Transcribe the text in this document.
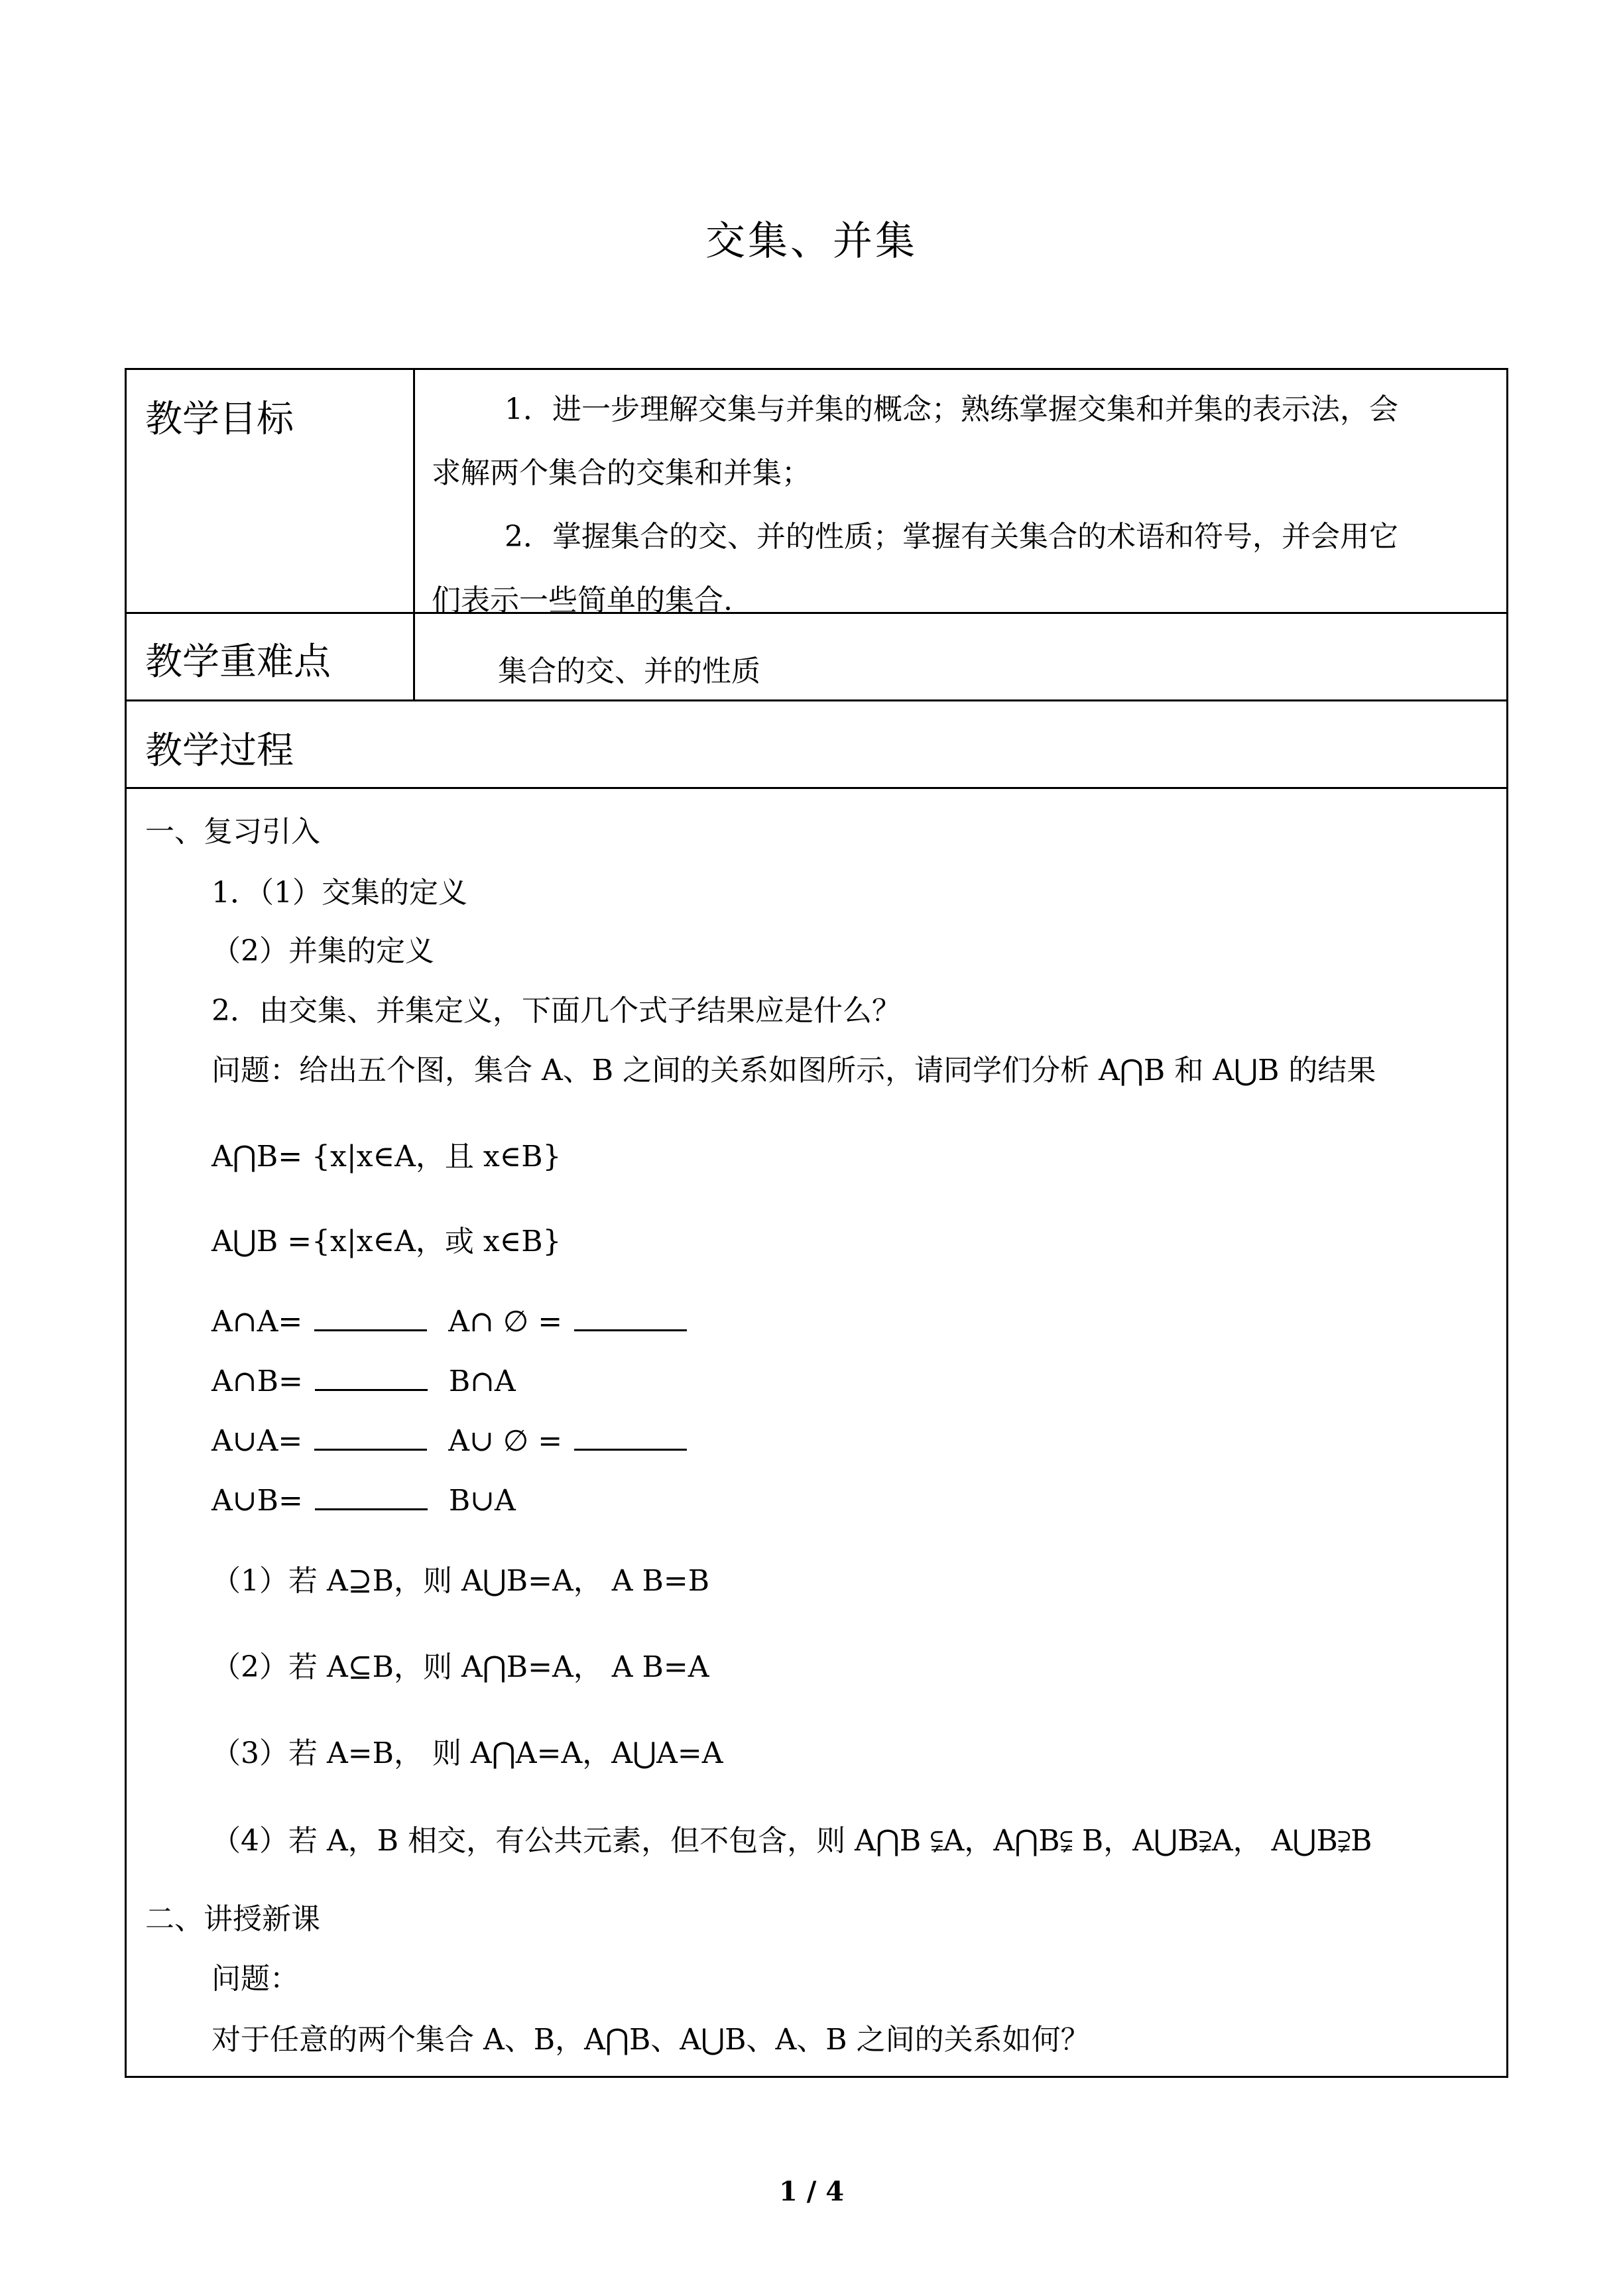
交集、并集
教学目标	1．进一步理解交集与并集的概念；熟练掌握交集和并集的表示法，会
求解两个集合的交集和并集；
2．掌握集合的交、并的性质；掌握有关集合的术语和符号，并会用它
们表示一些简单的集合.
教学重难点	集合的交、并的性质
教学过程
一、复习引入
1．（1）交集的定义
（2）并集的定义
2．由交集、并集定义，下面几个式子结果应是什么？
问题：给出五个图，集合 A、B 之间的关系如图所示，请同学们分析 A⋂B 和 A⋃B 的结果
A⋂B= {x|x∈A，且 x∈B}
A⋃B ={x|x∈A，或 x∈B}
A∩A=	A∩ ∅ =
A∩B=	B∩A
A∪A=	A∪ ∅ =
A∪B=	B∪A
（1）若 A⊇B，则 A⋃B=A， A B=B
（2）若 A⊆B，则 A⋂B=A， A B=A
（3）若 A=B， 则 A⋂A=A，A⋃A=A
（4）若 A，B 相交，有公共元素，但不包含，则 A⋂B ⫋A，A⋂B⫋ B，A⋃B⫌A， A⋃B⫌B
二、讲授新课
问题：
对于任意的两个集合 A、B，A⋂B、A⋃B、A、B 之间的关系如何？
1 / 4
